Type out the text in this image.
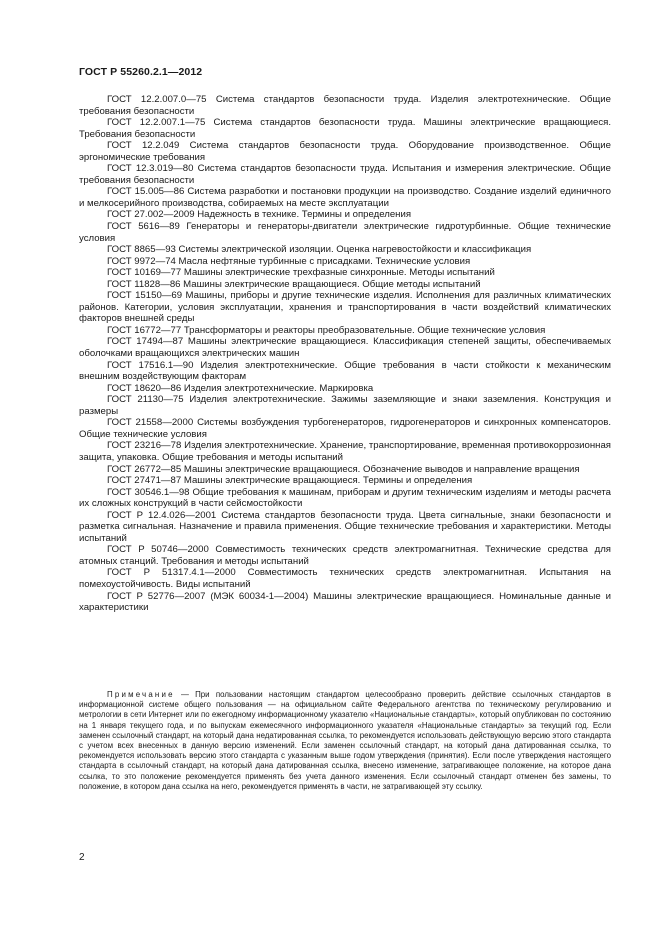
ГОСТ Р 55260.2.1—2012

ГОСТ 12.2.007.0—75 Система стандартов безопасности труда. Изделия электротехнические. Общие требования безопасности

ГОСТ 12.2.007.1—75 Система стандартов безопасности труда. Машины электрические вращающиеся. Требования безопасности

ГОСТ 12.2.049 Система стандартов безопасности труда. Оборудование производственное. Общие эргономические требования

ГОСТ 12.3.019—80 Система стандартов безопасности труда. Испытания и измерения электрические. Общие требования безопасности

ГОСТ 15.005—86 Система разработки и постановки продукции на производство. Создание изделий единичного и мелкосерийного производства, собираемых на месте эксплуатации

ГОСТ 27.002—2009 Надежность в технике. Термины и определения

ГОСТ 5616—89 Генераторы и генераторы-двигатели электрические гидротурбинные. Общие технические условия

ГОСТ 8865—93 Системы электрической изоляции. Оценка нагревостойкости и классификация

ГОСТ 9972—74 Масла нефтяные турбинные с присадками. Технические условия

ГОСТ 10169—77 Машины электрические трехфазные синхронные. Методы испытаний

ГОСТ 11828—86 Машины электрические вращающиеся. Общие методы испытаний

ГОСТ 15150—69 Машины, приборы и другие технические изделия. Исполнения для различных климатических районов. Категории, условия эксплуатации, хранения и транспортирования в части воздействий климатических факторов внешней среды

ГОСТ 16772—77 Трансформаторы и реакторы преобразовательные. Общие технические условия

ГОСТ 17494—87 Машины электрические вращающиеся. Классификация степеней защиты, обеспечиваемых оболочками вращающихся электрических машин

ГОСТ 17516.1—90 Изделия электротехнические. Общие требования в части стойкости к механическим внешним воздействующим факторам

ГОСТ 18620—86 Изделия электротехнические. Маркировка

ГОСТ 21130—75 Изделия электротехнические. Зажимы заземляющие и знаки заземления. Конструкция и размеры

ГОСТ 21558—2000 Системы возбуждения турбогенераторов, гидрогенераторов и синхронных компенсаторов. Общие технические условия

ГОСТ 23216—78 Изделия электротехнические. Хранение, транспортирование, временная противокоррозионная защита, упаковка. Общие требования и методы испытаний

ГОСТ 26772—85 Машины электрические вращающиеся. Обозначение выводов и направление вращения

ГОСТ 27471—87 Машины электрические вращающиеся. Термины и определения

ГОСТ 30546.1—98 Общие требования к машинам, приборам и другим техническим изделиям и методы расчета их сложных конструкций в части сейсмостойкости

ГОСТ Р 12.4.026—2001 Система стандартов безопасности труда. Цвета сигнальные, знаки безопасности и разметка сигнальная. Назначение и правила применения. Общие технические требования и характеристики. Методы испытаний

ГОСТ Р 50746—2000 Совместимость технических средств электромагнитная. Технические средства для атомных станций. Требования и методы испытаний

ГОСТ Р 51317.4.1—2000 Совместимость технических средств электромагнитная. Испытания на помехоустойчивость. Виды испытаний

ГОСТ Р 52776—2007 (МЭК 60034-1—2004) Машины электрические вращающиеся. Номинальные данные и характеристики

Примечание — При пользовании настоящим стандартом целесообразно проверить действие ссылочных стандартов в информационной системе общего пользования — на официальном сайте Федерального агентства по техническому регулированию и метрологии в сети Интернет или по ежегодному информационному указателю «Национальные стандарты», который опубликован по состоянию на 1 января текущего года, и по выпускам ежемесячного информационного указателя «Национальные стандарты» за текущий год. Если заменен ссылочный стандарт, на который дана недатированная ссылка, то рекомендуется использовать действующую версию этого стандарта с учетом всех внесенных в данную версию изменений. Если заменен ссылочный стандарт, на который дана датированная ссылка, то рекомендуется использовать версию этого стандарта с указанным выше годом утверждения (принятия). Если после утверждения настоящего стандарта в ссылочный стандарт, на который дана датированная ссылка, внесено изменение, затрагивающее положение, на которое дана ссылка, то это положение рекомендуется применять без учета данного изменения. Если ссылочный стандарт отменен без замены, то положение, в котором дана ссылка на него, рекомендуется применять в части, не затрагивающей эту ссылку.
2
